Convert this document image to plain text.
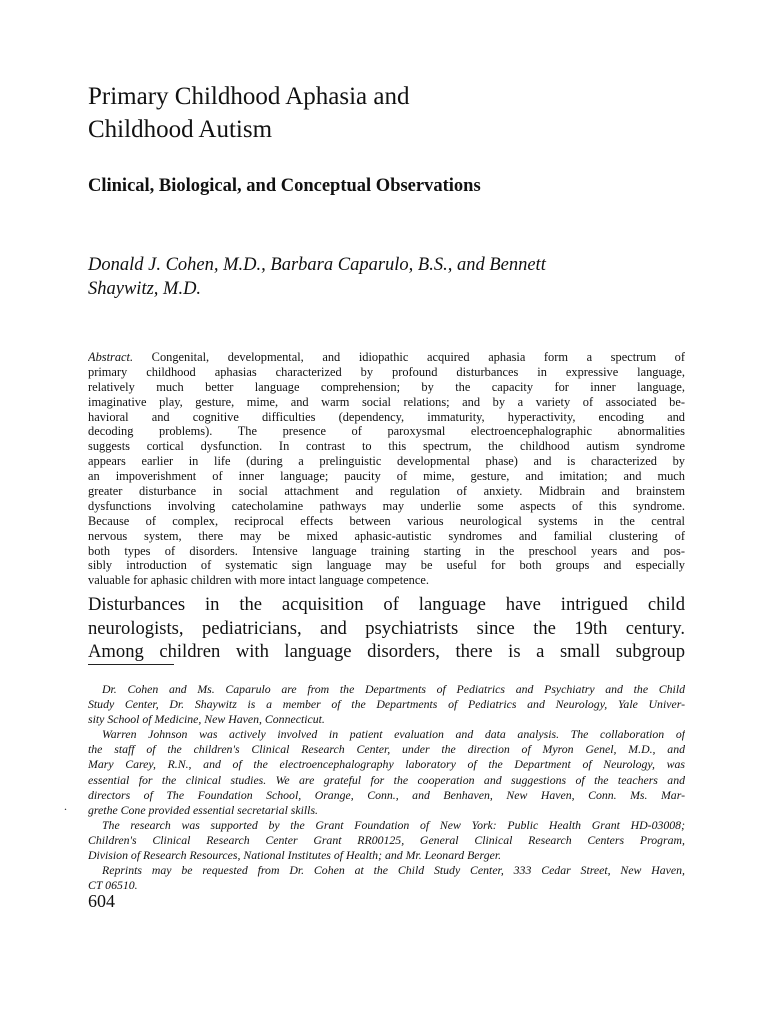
Primary Childhood Aphasia and
Childhood Autism
Clinical, Biological, and Conceptual Observations

Donald J. Cohen, M.D., Barbara Caparulo, B.S., and Bennett
Shaywitz, M.D.

Abstract. Congenital, developmental, and idiopathic acquired aphasia form a spectrum of
primary childhood aphasias characterized by profound disturbances in expressive language,
relatively much better language comprehension; by the capacity for inner language,
imaginative play, gesture, mime, and warm social relations; and by a variety of associated be-
havioral and cognitive difficulties (dependency, immaturity, hyperactivity, encoding and
decoding problems). The presence of paroxysmal electroencephalographic abnormalities
suggests cortical dysfunction. In contrast to this spectrum, the childhood autism syndrome
appears earlier in life (during a prelinguistic developmental phase) and is characterized by
an impoverishment of inner language; paucity of mime, gesture, and imitation; and much
greater disturbance in social attachment and regulation of anxiety. Midbrain and brainstem
dysfunctions involving catecholamine pathways may underlie some aspects of this syndrome.
Because of complex, reciprocal effects between various neurological systems in the central
nervous system, there may be mixed aphasic-autistic syndromes and familial clustering of
both types of disorders. Intensive language training starting in the preschool years and pos-
sibly introduction of systematic sign language may be useful for both groups and especially
valuable for aphasic children with more intact language competence.
Disturbances in the acquisition of language have intrigued child
neurologists, pediatricians, and psychiatrists since the 19th century.
Among children with language disorders, there is a small subgroup
Dr. Cohen and Ms. Caparulo are from the Departments of Pediatrics and Psychiatry and the Child
Study Center, Dr. Shaywitz is a member of the Departments of Pediatrics and Neurology, Yale Univer-
sity School of Medicine, New Haven, Connecticut.
Warren Johnson was actively involved in patient evaluation and data analysis. The collaboration of
the staff of the children's Clinical Research Center, under the direction of Myron Genel, M.D., and
Mary Carey, R.N., and of the electroencephalography laboratory of the Department of Neurology, was
essential for the clinical studies. We are grateful for the cooperation and suggestions of the teachers and
directors of The Foundation School, Orange, Conn., and Benhaven, New Haven, Conn. Ms. Mar-
grethe Cone provided essential secretarial skills.
The research was supported by the Grant Foundation of New York: Public Health Grant HD-03008;
Children's Clinical Research Center Grant RR00125, General Clinical Research Centers Program,
Division of Research Resources, National Institutes of Health; and Mr. Leonard Berger.
Reprints may be requested from Dr. Cohen at the Child Study Center, 333 Cedar Street, New Haven,
CT 06510.
.
604
